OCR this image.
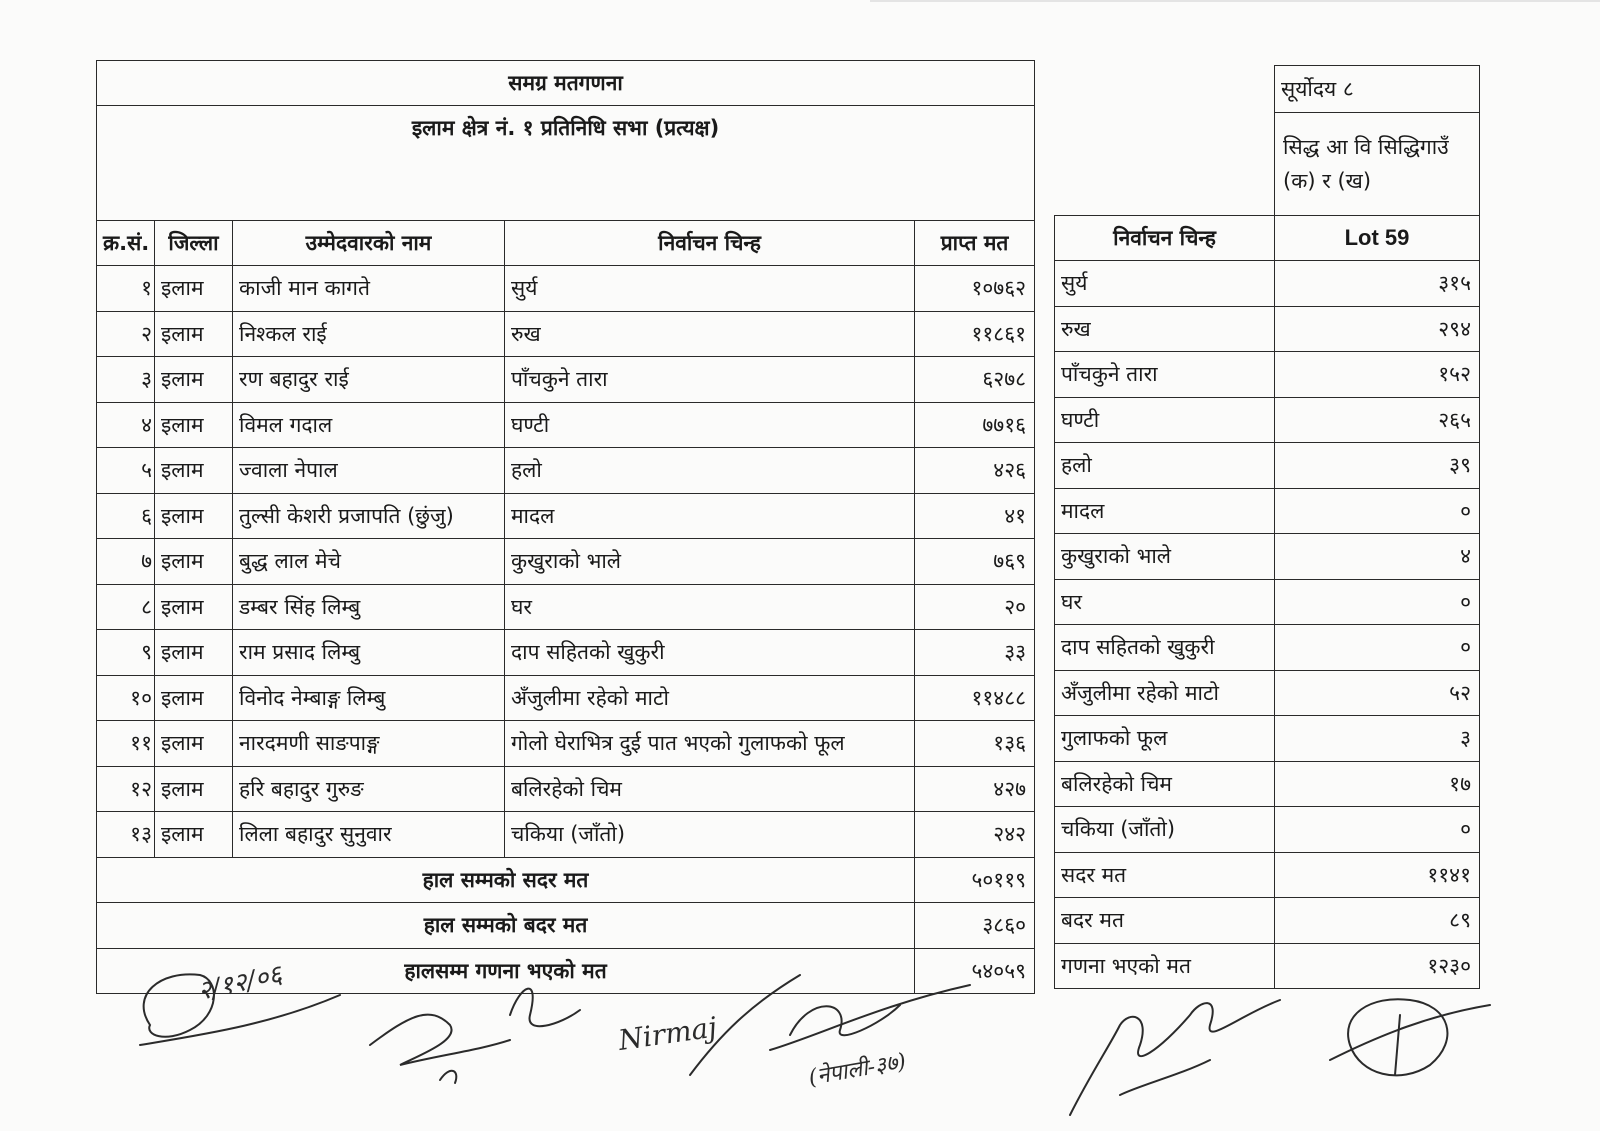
समग्र मतगणना				
इलाम क्षेत्र नं. १ प्रतिनिधि सभा (प्रत्यक्ष)				
क्र.सं.	जिल्ला	उम्मेदवारको नाम	निर्वाचन चिन्ह	प्राप्त मत
१	इलाम	काजी मान कागते	सुर्य	१०७६२
२	इलाम	निश्कल राई	रुख	११८६१
३	इलाम	रण बहादुर राई	पाँचकुने तारा	६२७८
४	इलाम	विमल गदाल	घण्टी	७७१६
५	इलाम	ज्वाला नेपाल	हलो	४२६
६	इलाम	तुल्सी केशरी प्रजापति (छुंजु)	मादल	४१
७	इलाम	बुद्ध लाल मेचे	कुखुराको भाले	७६९
८	इलाम	डम्बर सिंह लिम्बु	घर	२०
९	इलाम	राम प्रसाद लिम्बु	दाप सहितको खुकुरी	३३
१०	इलाम	विनोद नेम्बाङ्ग लिम्बु	अँजुलीमा रहेको माटो	११४८८
११	इलाम	नारदमणी साङपाङ्ग	गोलो घेराभित्र दुई पात भएको गुलाफको फूल	१३६
१२	इलाम	हरि बहादुर गुरुङ	बलिरहेको चिम	४२७
१३	इलाम	लिला बहादुर सुनुवार	चकिया (जाँतो)	२४२
हाल सम्मको सदर मत				५०११९
हाल सम्मको बदर मत				३८६०
हालसम्म गणना भएको मत				५४०५९
	सूर्योदय ८
	सिद्ध आ वि सिद्धिगाउँ (क) र (ख)
निर्वाचन चिन्ह	Lot 59
सुर्य	३१५
रुख	२९४
पाँचकुने तारा	१५२
घण्टी	२६५
हलो	३९
मादल	०
कुखुराको भाले	४
घर	०
दाप सहितको खुकुरी	०
अँजुलीमा रहेको माटो	५२
गुलाफको फूल	३
बलिरहेको चिम	१७
चकिया (जाँतो)	०
सदर मत	११४१
बदर मत	८९
गणना भएको मत	१२३०
२/१२/०६
Nirmaj
(नेपाली-३७)
